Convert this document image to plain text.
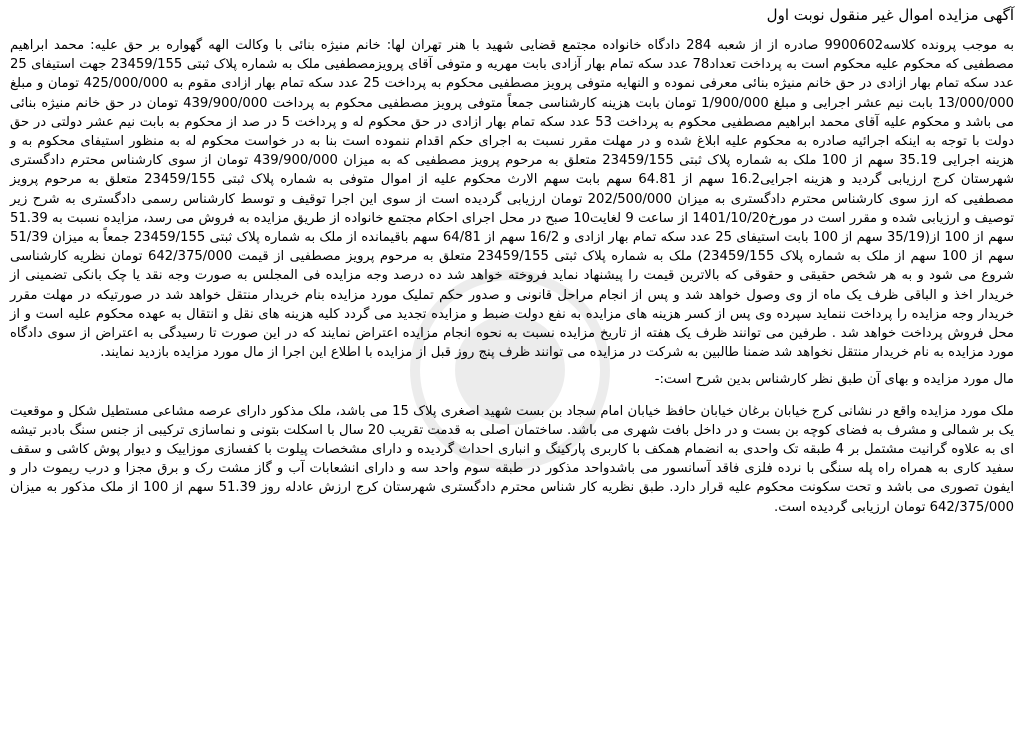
آگهی مزایده اموال غیر منقول نوبت اول

به موجب پرونده کلاسه9900602 صادره از از شعبه 284 دادگاه خانواده مجتمع قضایی شهید با هنر تهران لها: خانم منیژه بنائی با وکالت الهه گهواره بر حق علیه: محمد ابراهیم مصطفیی که محکوم علیه محکوم است به پرداخت تعداد78 عدد سکه تمام بهار آزادی بابت مهریه و متوفی آقای پرویزمصطفیی ملک به شماره پلاک ثبتی 23459/155 جهت استیفای 25 عدد سکه تمام بهار ازادی در حق خانم منیژه بنائی معرفی نموده و النهایه متوفی پرویز مصطفیی محکوم به پرداخت 25 عدد سکه تمام بهار ازادی مقوم به 425/000/000 تومان و مبلغ 13/000/000 بابت نیم عشر اجرایی و مبلغ 1/900/000 تومان بابت هزینه کارشناسی جمعاً متوفی پرویز مصطفیی محکوم به پرداخت 439/900/000 تومان در حق خانم منیژه بنائی می باشد و محکوم علیه آقای محمد ابراهیم مصطفیی محکوم به پرداخت 53 عدد سکه تمام بهار ازادی در حق محکوم له و پرداخت 5 در صد از محکوم به بابت نیم عشر دولتی در حق دولت با توجه به اینکه اجرائیه صادره به محکوم علیه ابلاغ شده و در مهلت مقرر نسبت به اجرای حکم اقدام ننموده است بنا به در خواست محکوم له به منظور استیفای محکوم به و هزینه اجرایی 35.19 سهم از 100 ملک به شماره پلاک ثبتی 23459/155 متعلق به مرحوم پرویز مصطفیی که به میزان 439/900/000 تومان از سوی کارشناس محترم دادگستری شهرستان کرج ارزیابی گردید و هزینه اجرایی16.2 سهم از 64.81 سهم بابت سهم الارث محکوم علیه از اموال متوفی به شماره پلاک ثبتی 23459/155 متعلق به مرحوم پرویز مصطفیی که ارز سوی کارشناس محترم دادگستری به میزان 202/500/000 تومان ارزیابی گردیده است از سوی این اجرا توقیف و توسط کارشناس رسمی دادگستری به شرح زیر توصیف و ارزیابی شده و مقرر است در مورخ1401/10/20 از ساعت 9 لغایت10 صبح در محل اجرای احکام مجتمع خانواده از طریق مزایده به فروش می رسد، مزایده نسبت به 51.39 سهم از 100 از(35/19 سهم از 100 بابت استیفای 25 عدد سکه تمام بهار ازادی و 16/2 سهم از 64/81 سهم باقیمانده از ملک به شماره پلاک ثبتی 23459/155 جمعاً به میزان 51/39 سهم از 100 سهم از ملک به شماره پلاک 23459/155) ملک به شماره پلاک ثبتی 23459/155 متعلق به مرحوم پرویز مصطفیی از قیمت 642/375/000 تومان نظریه کارشناسی شروع می شود و به هر شخص حقیقی و حقوقی که بالاترین قیمت را پیشنهاد نماید فروخته خواهد شد ده درصد وجه مزایده فی المجلس به صورت وجه نقد یا چک بانکی تضمینی از خریدار اخذ و الباقی ظرف یک ماه از وی وصول خواهد شد و پس از انجام مراحل قانونی و صدور حکم تملیک مورد مزایده بنام خریدار منتقل خواهد شد در صورتیکه در مهلت مقرر خریدار وجه مزایده را پرداخت ننماید سپرده وی پس از کسر هزینه های مزایده به نفع دولت ضبط و مزایده تجدید می گردد کلیه هزینه های نقل و انتقال به عهده محکوم علیه است و از محل فروش پرداخت خواهد شد . طرفین می توانند ظرف یک هفته از تاریخ مزایده نسبت به نحوه انجام مزایده اعتراض نمایند که در این صورت تا رسیدگی به اعتراض از سوی دادگاه مورد مزایده به نام خریدار منتقل نخواهد شد ضمنا طالبین به شرکت در مزایده می توانند ظرف پنج روز قبل از مزایده با اطلاع این اجرا از مال مورد مزایده بازدید نمایند.

مال مورد مزایده و بهای آن طبق نظر کارشناس بدین شرح است:-

ملک مورد مزایده واقع در نشانی کرج خیابان برغان خیابان حافظ خیابان امام سجاد بن بست شهید اصغری پلاک 15 می باشد، ملک مذکور دارای عرصه مشاعی مستطیل شکل و موقعیت یک بر شمالی و مشرف به فضای کوچه بن بست و در داخل بافت شهری می باشد. ساختمان اصلی به قدمت تقریب 20 سال با اسکلت بتونی و نماسازی ترکیبی از جنس سنگ بادبر تیشه ای به علاوه گرانیت مشتمل بر 4 طبقه تک واحدی به انضمام همکف با کاربری پارکینگ و انباری احداث گردیده و دارای مشخصات پیلوت با کفسازی موزاییک و دیوار پوش کاشی و سقف سفید کاری به همراه راه پله سنگی با نرده فلزی فاقد آسانسور می باشدواحد مذکور در طبقه سوم واحد سه و دارای انشعابات آب و گاز مشت رک و برق مجزا و درب ریموت دار و ایفون تصوری می باشد و تحت سکونت محکوم علیه قرار دارد. طبق نظریه کار شناس محترم دادگستری شهرستان کرج ارزش عادله روز 51.39 سهم از 100 از ملک مذکور به میزان 642/375/000 تومان ارزیابی گردیده است.
